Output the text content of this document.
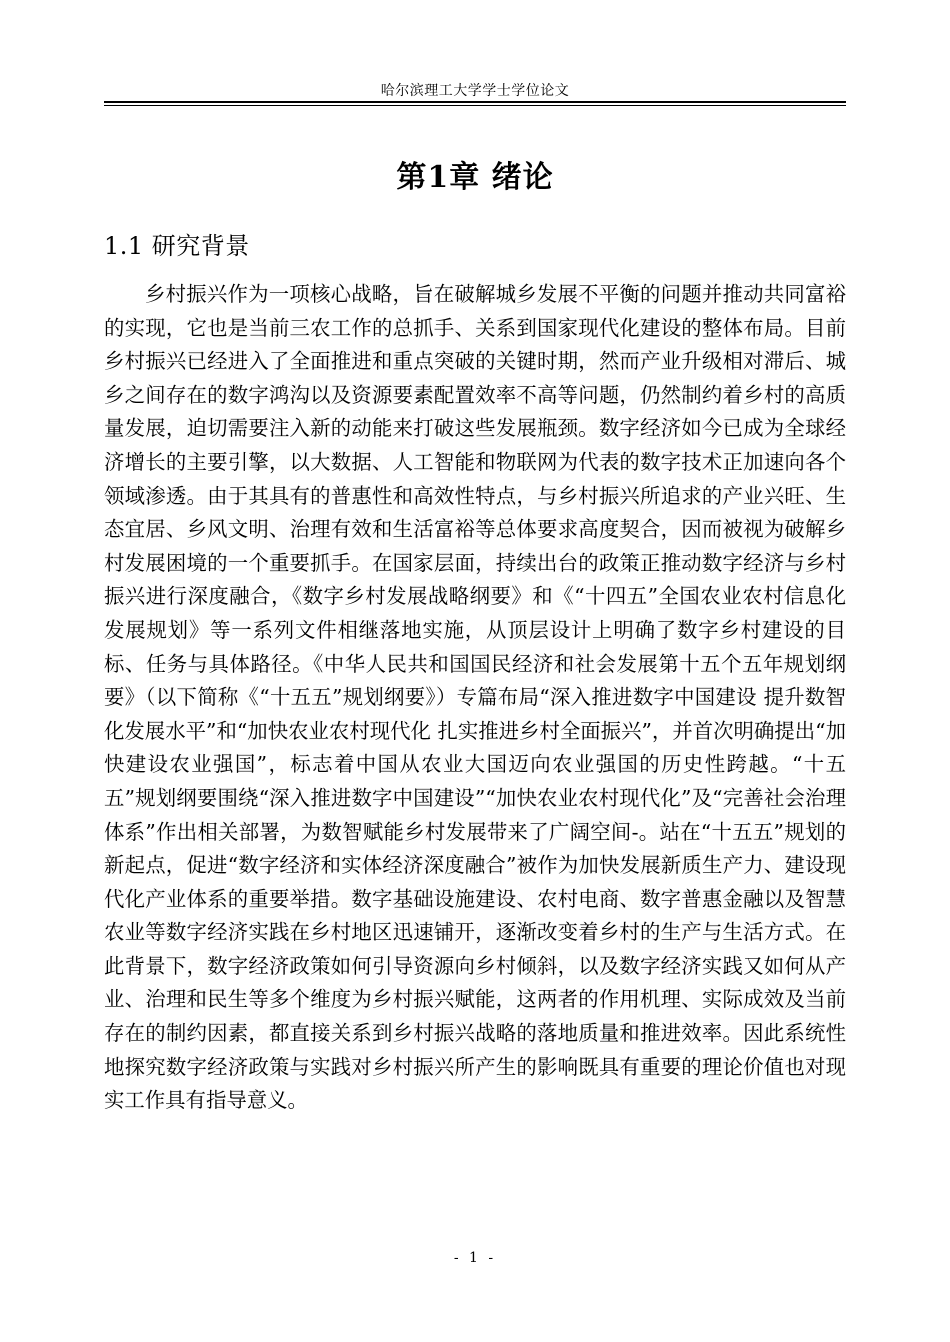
哈尔滨理工大学学士学位论文
第1章 绪论
1.1 研究背景

乡村振兴作为一项核心战略，旨在破解城乡发展不平衡的问题并推动共同富裕的实现，它也是当前三农工作的总抓手、关系到国家现代化建设的整体布局。目前乡村振兴已经进入了全面推进和重点突破的关键时期，然而产业升级相对滞后、城乡之间存在的数字鸿沟以及资源要素配置效率不高等问题，仍然制约着乡村的高质量发展，迫切需要注入新的动能来打破这些发展瓶颈。数字经济如今已成为全球经济增长的主要引擎，以大数据、人工智能和物联网为代表的数字技术正加速向各个领域渗透。由于其具有的普惠性和高效性特点，与乡村振兴所追求的产业兴旺、生态宜居、乡风文明、治理有效和生活富裕等总体要求高度契合，因而被视为破解乡村发展困境的一个重要抓手。在国家层面，持续出台的政策正推动数字经济与乡村振兴进行深度融合，《数字乡村发展战略纲要》和《“十四五”全国农业农村信息化发展规划》等一系列文件相继落地实施，从顶层设计上明确了数字乡村建设的目标、任务与具体路径。《中华人民共和国国民经济和社会发展第十五个五年规划纲要》（以下简称《“十五五”规划纲要》）专篇布局“深入推进数字中国建设 提升数智化发展水平”和“加快农业农村现代化 扎实推进乡村全面振兴”，并首次明确提出“加快建设农业强国”，标志着中国从农业大国迈向农业强国的历史性跨越。“十五五”规划纲要围绕“深入推进数字中国建设”“加快农业农村现代化”及“完善社会治理体系”作出相关部署，为数智赋能乡村发展带来了广阔空间-。站在“十五五”规划的新起点，促进“数字经济和实体经济深度融合”被作为加快发展新质生产力、建设现代化产业体系的重要举措。数字基础设施建设、农村电商、数字普惠金融以及智慧农业等数字经济实践在乡村地区迅速铺开，逐渐改变着乡村的生产与生活方式。在此背景下，数字经济政策如何引导资源向乡村倾斜，以及数字经济实践又如何从产业、治理和民生等多个维度为乡村振兴赋能，这两者的作用机理、实际成效及当前存在的制约因素，都直接关系到乡村振兴战略的落地质量和推进效率。因此系统性地探究数字经济政策与实践对乡村振兴所产生的影响既具有重要的理论价值也对现实工作具有指导意义。

- 1 -
